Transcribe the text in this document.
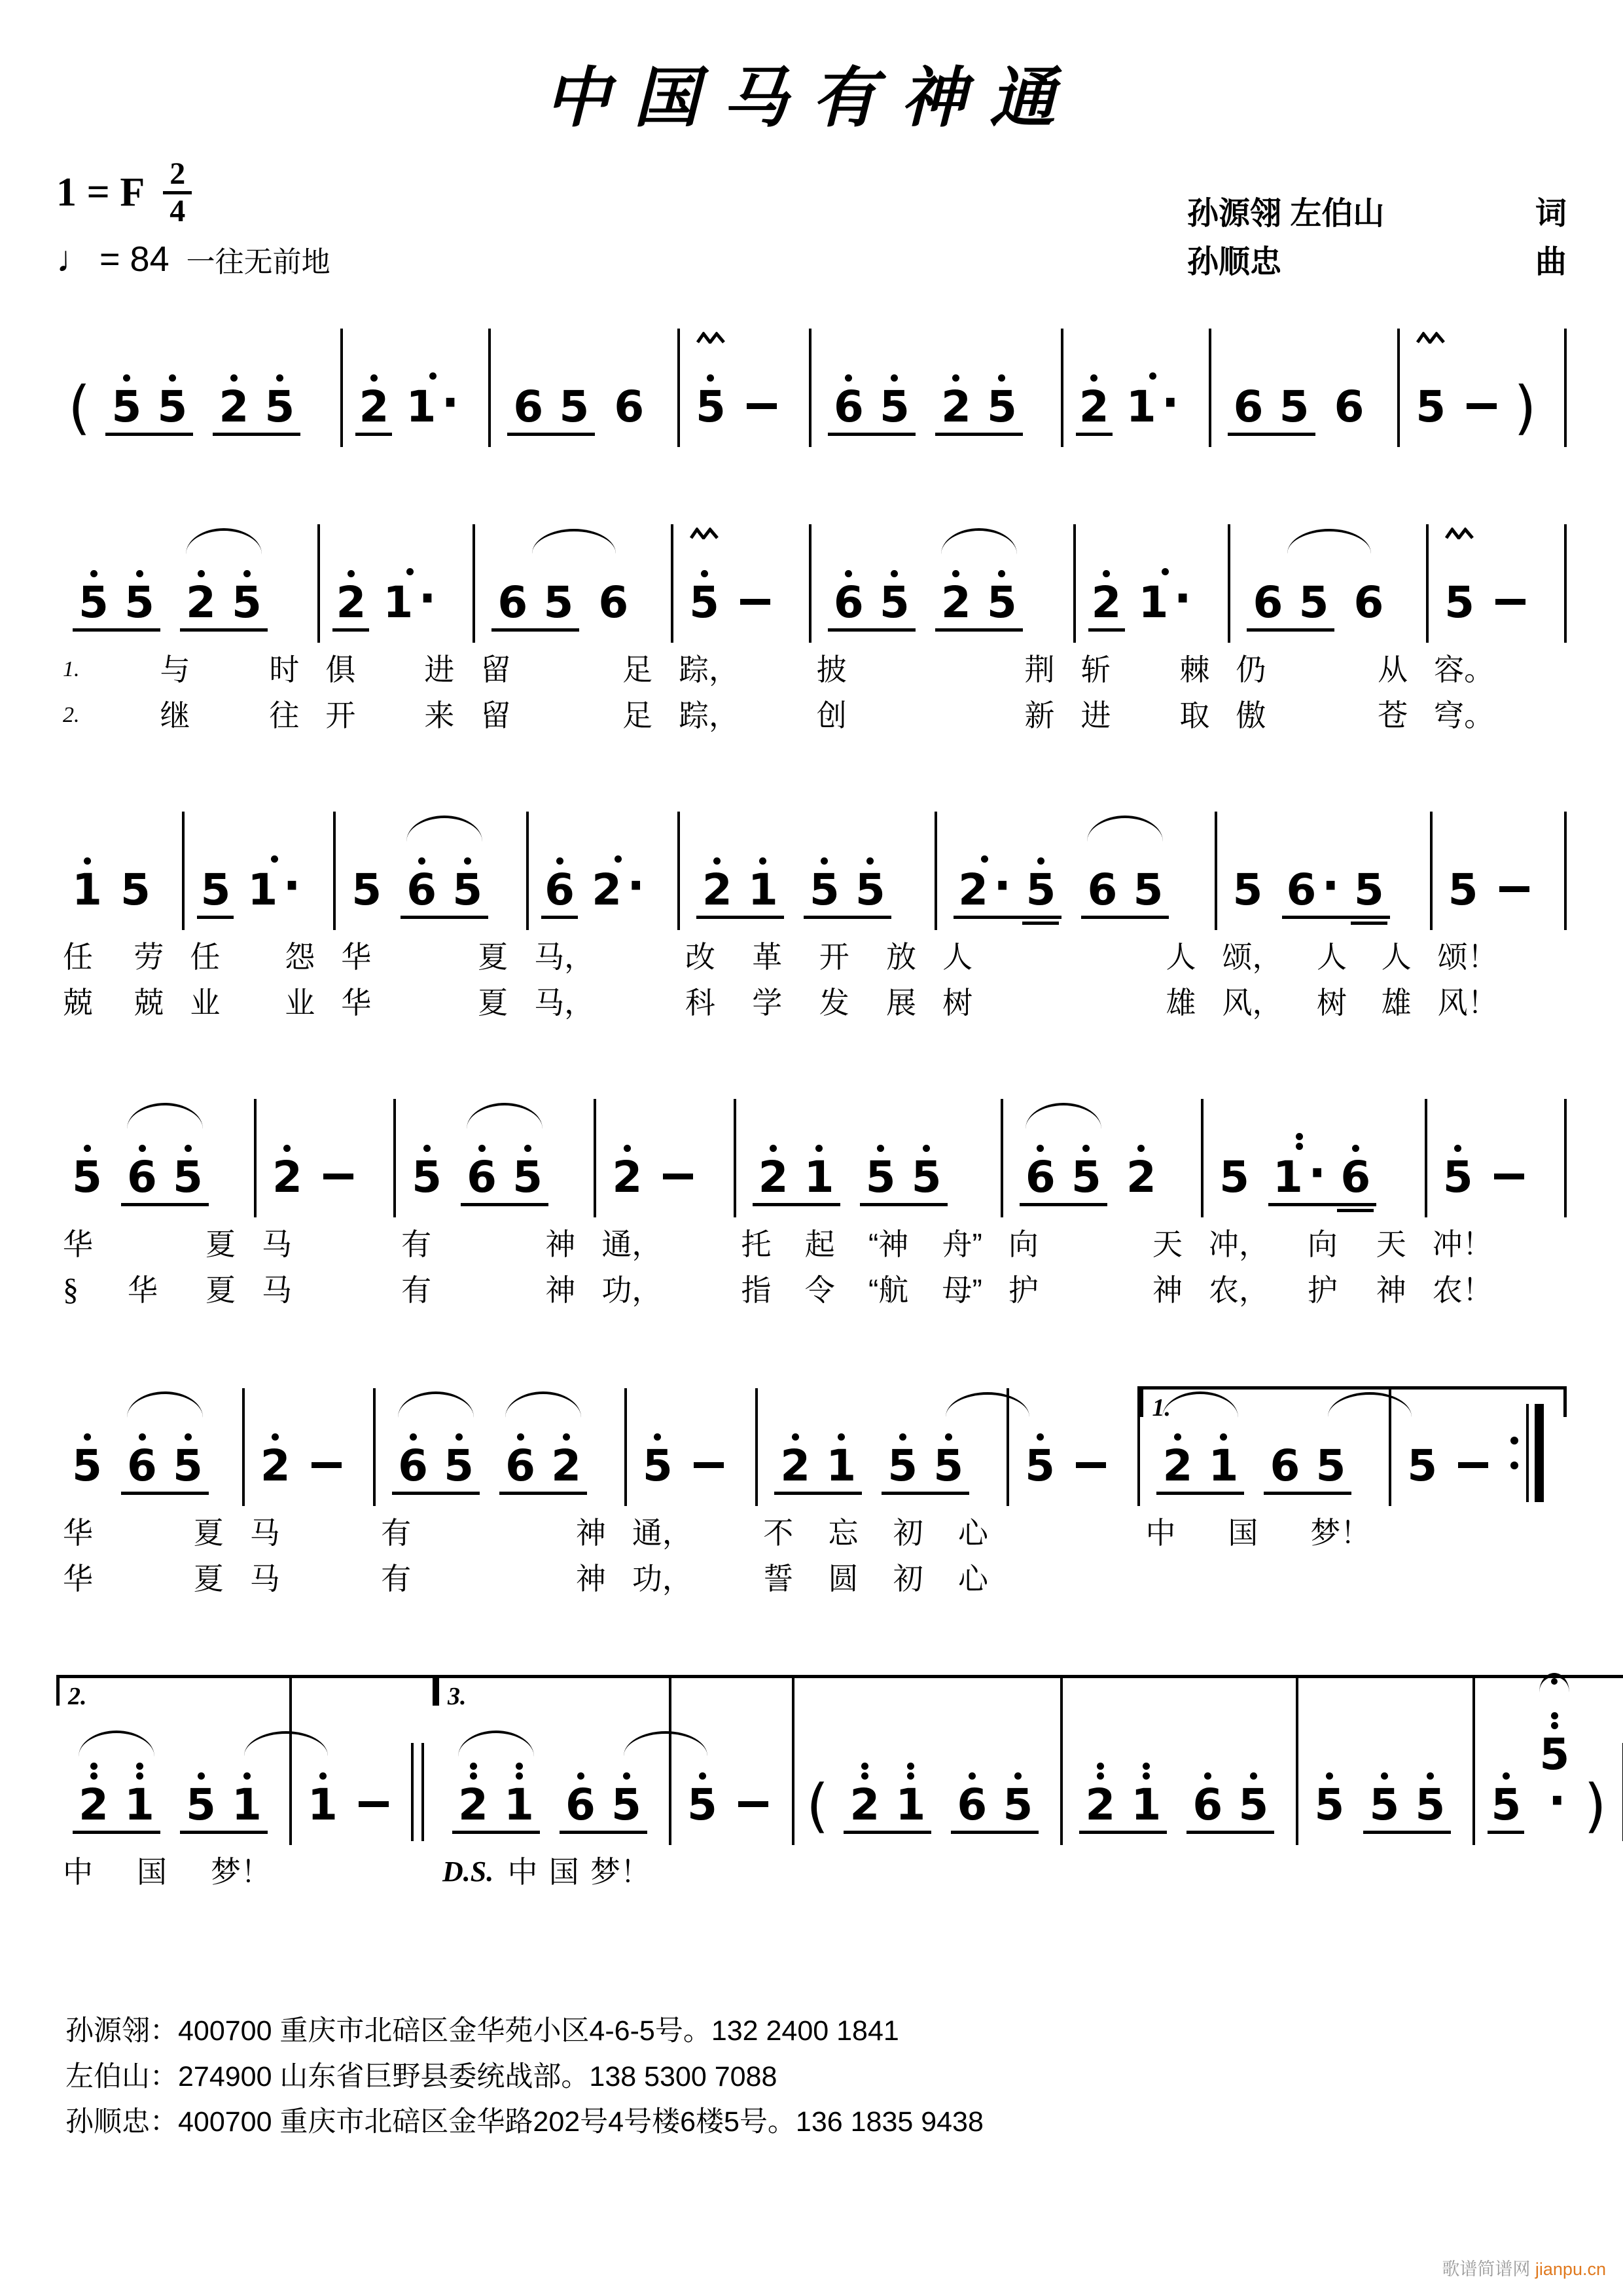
中国马有神通
1 = F $\frac{2}{4}$
♩ = 84 一往无前地
孙源翎 左伯山	词
孙顺忠	曲
( 5 5 2 5	2 1 ·	6 5 6	5	6 5 2 5	2 1 ·	6 5 6	5 )
5 5 2 5	2 1 ·	6 5 6	5	6 5 2 5	2 1 ·	6 5 6	5

1. 与 时	俱 进	留 足	踪，	披 荆	斩 棘	仍 从	容。

2. 继 往	开 来	留 足	踪，	创 新	进 取	傲 苍	穹。
1 5	5 1 ·	5 6 5	6 2 ·	2 1 5 5	2 · 5 6 5	5 6 · 5	5

任 劳	任 怨	华 夏	马，	改 革 开 放	人 人	颂， 人 人	颂！

兢 兢	业 业	华 夏	马，	科 学 发 展	树 雄	风， 树 雄	风！
5 6 5	2	5 6 5	2	2 1 5 5	6 5 2	5 1 · 6	5

华 夏	马	有 神	通，	托 起 “神 舟”	向 天	冲， 向 天	冲！

§ 华 夏	马	有 神	功，	指 令 “航 母”	护 神	农， 护 神	农！
5 6 5	2	6 5 6 2	5	2 1 5 5	5

1.
2 1 6 5	5

华 夏	马	有 神	通，	不 忘 初 心		中 国 梦！	

华 夏	马	有 神	功，	誓 圆 初 心			

2.
2 1 5 1	1

3.
2 1 6 5	5	( 2 1 6 5	2 1 6 5	5 5 5	5
5· )

中 国 梦！		D.S. 中 国 梦！					

孙源翎：400700 重庆市北碚区金华苑小区4-6-5号。132 2400 1841
左伯山：274900 山东省巨野县委统战部。138 5300 7088
孙顺忠：400700 重庆市北碚区金华路202号4号楼6楼5号。136 1835 9438
歌谱简谱网 jianpu.cn
